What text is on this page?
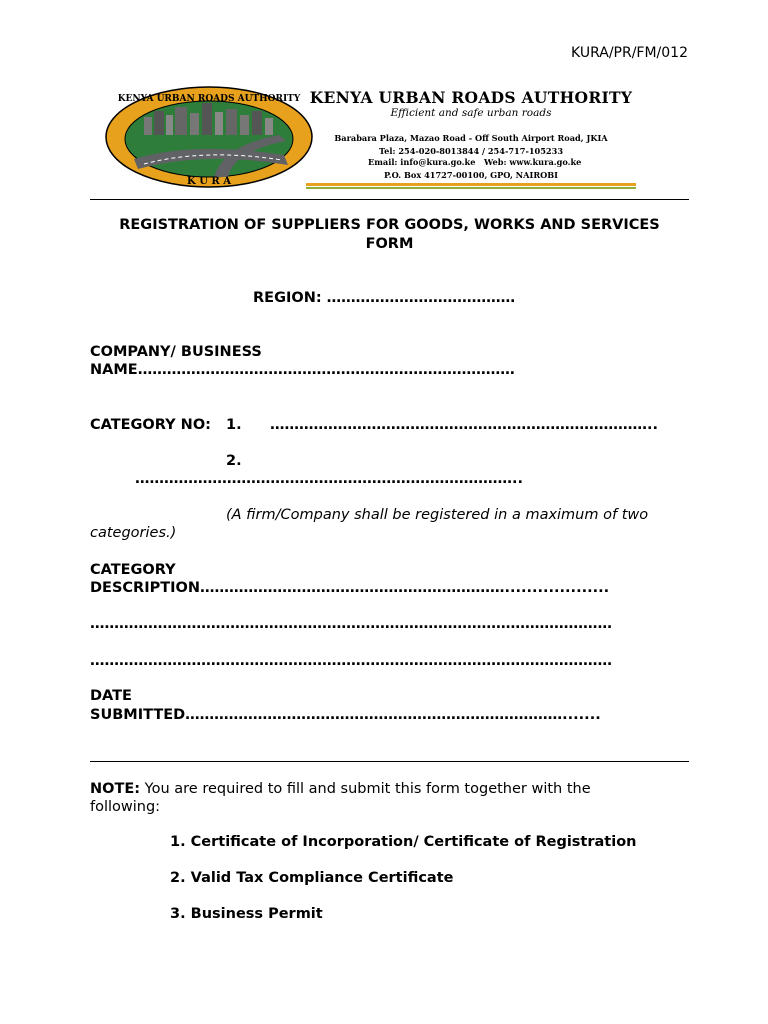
KURA/PR/FM/012
KENYA URBAN ROADS AUTHORITY
K U R A
KENYA URBAN ROADS AUTHORITY
Efficient and safe urban roads
Barabara Plaza, Mazao Road - Off South Airport Road, JKIA
Tel: 254-020-8013844 / 254-717-105233
Email: info@kura.go.ke Web: www.kura.go.ke
P.O. Box 41727-00100, GPO, NAIROBI
REGISTRATION OF SUPPLIERS FOR GOODS, WORKS AND SERVICES
FORM
REGION: …………………………………
COMPANY/ BUSINESS
NAME……………………………………………………………………
CATEGORY NO: 1. ……………………………………………………………………..
2.
……………………………………………………………………..
(A firm/Company shall be registered in a maximum of two
categories.)
CATEGORY
DESCRIPTION………………………………………………………...................
………………………………………………………………………………………………
………………………………………………………………………………………………
DATE
SUBMITTED…………………………………………………………………….......
NOTE: You are required to fill and submit this form together with the
following:
1. Certificate of Incorporation/ Certificate of Registration
2. Valid Tax Compliance Certificate
3. Business Permit
